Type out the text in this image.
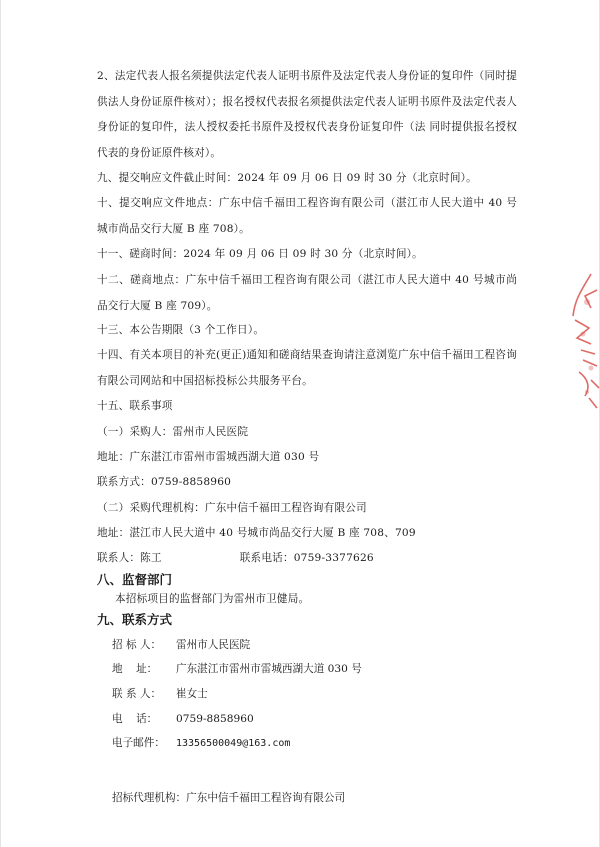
2、法定代表人报名须提供法定代表人证明书原件及法定代表人身份证的复印件（同时提供法人身份证原件核对）；报名授权代表报名须提供法定代表人证明书原件及法定代表人身份证的复印件，法人授权委托书原件及授权代表身份证复印件（法 同时提供报名授权代表的身份证原件核对）。
九、提交响应文件截止时间：2024 年 09 月 06 日 09 时 30 分（北京时间）。
十、提交响应文件地点：广东中信千福田工程咨询有限公司（湛江市人民大道中 40 号城市尚品交行大厦 B 座 708）。
十一、磋商时间：2024 年 09 月 06 日 09 时 30 分（北京时间）。
十二、磋商地点：广东中信千福田工程咨询有限公司（湛江市人民大道中 40 号城市尚品交行大厦 B 座 709）。
十三、本公告期限（3 个工作日）。
十四、有关本项目的补充(更正)通知和磋商结果查询请注意浏览广东中信千福田工程咨询有限公司网站和中国招标投标公共服务平台。
十五、联系事项
（一）采购人：雷州市人民医院
地址：广东湛江市雷州市雷城西湖大道 030 号
联系方式：0759-8858960
（二）采购代理机构：广东中信千福田工程咨询有限公司
地址：湛江市人民大道中 40 号城市尚品交行大厦 B 座 708、709
联系人：陈工	联系电话：0759-3377626
八、监督部门
本招标项目的监督部门为雷州市卫健局。
九、联系方式
招 标 人： 雷州市人民医院
地    址： 广东湛江市雷州市雷城西湖大道 030 号
联 系 人： 崔女士
电    话： 0759-8858960
电子邮件： 13356500049@163.com
招标代理机构：广东中信千福田工程咨询有限公司
